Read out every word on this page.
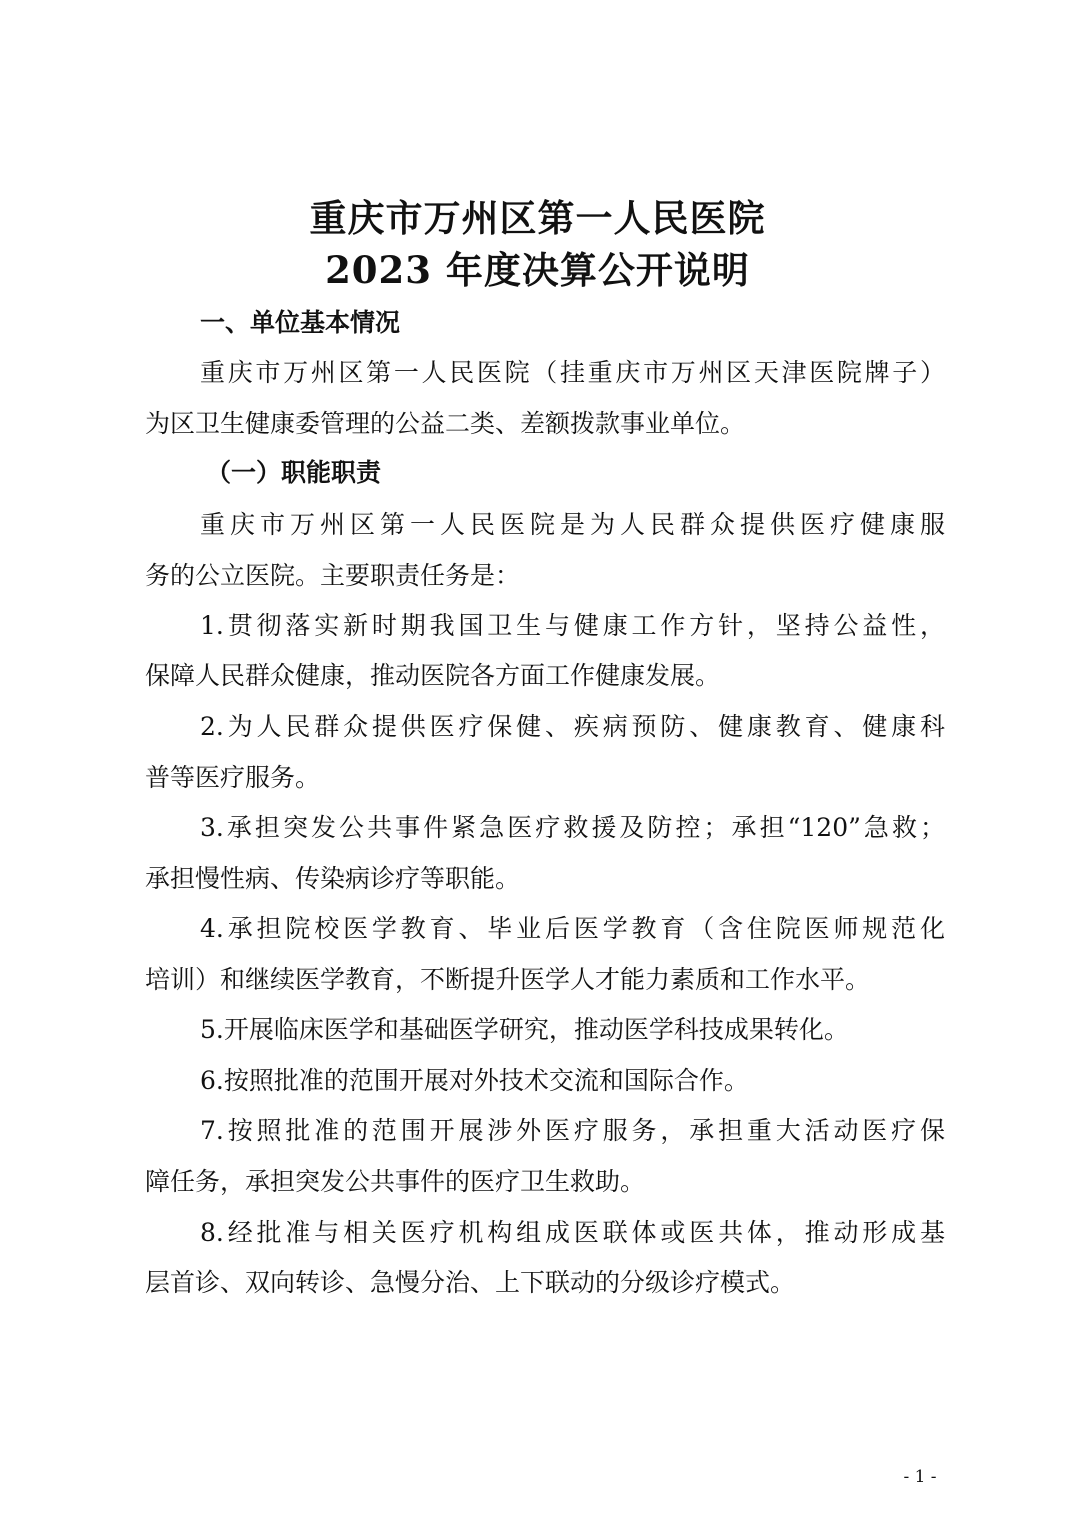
重庆市万州区第一人民医院
2023 年度决算公开说明
一、单位基本情况
重庆市万州区第一人民医院（挂重庆市万州区天津医院牌子）
为区卫生健康委管理的公益二类、差额拨款事业单位。
（一）职能职责
重庆市万州区第一人民医院是为人民群众提供医疗健康服
务的公立医院。主要职责任务是：
1.贯彻落实新时期我国卫生与健康工作方针，坚持公益性，
保障人民群众健康，推动医院各方面工作健康发展。
2.为人民群众提供医疗保健、疾病预防、健康教育、健康科
普等医疗服务。
3.承担突发公共事件紧急医疗救援及防控；承担“120”急救；
承担慢性病、传染病诊疗等职能。
4.承担院校医学教育、毕业后医学教育（含住院医师规范化
培训）和继续医学教育，不断提升医学人才能力素质和工作水平。
5.开展临床医学和基础医学研究，推动医学科技成果转化。
6.按照批准的范围开展对外技术交流和国际合作。
7.按照批准的范围开展涉外医疗服务，承担重大活动医疗保
障任务，承担突发公共事件的医疗卫生救助。
8.经批准与相关医疗机构组成医联体或医共体，推动形成基
层首诊、双向转诊、急慢分治、上下联动的分级诊疗模式。
- 1 -
